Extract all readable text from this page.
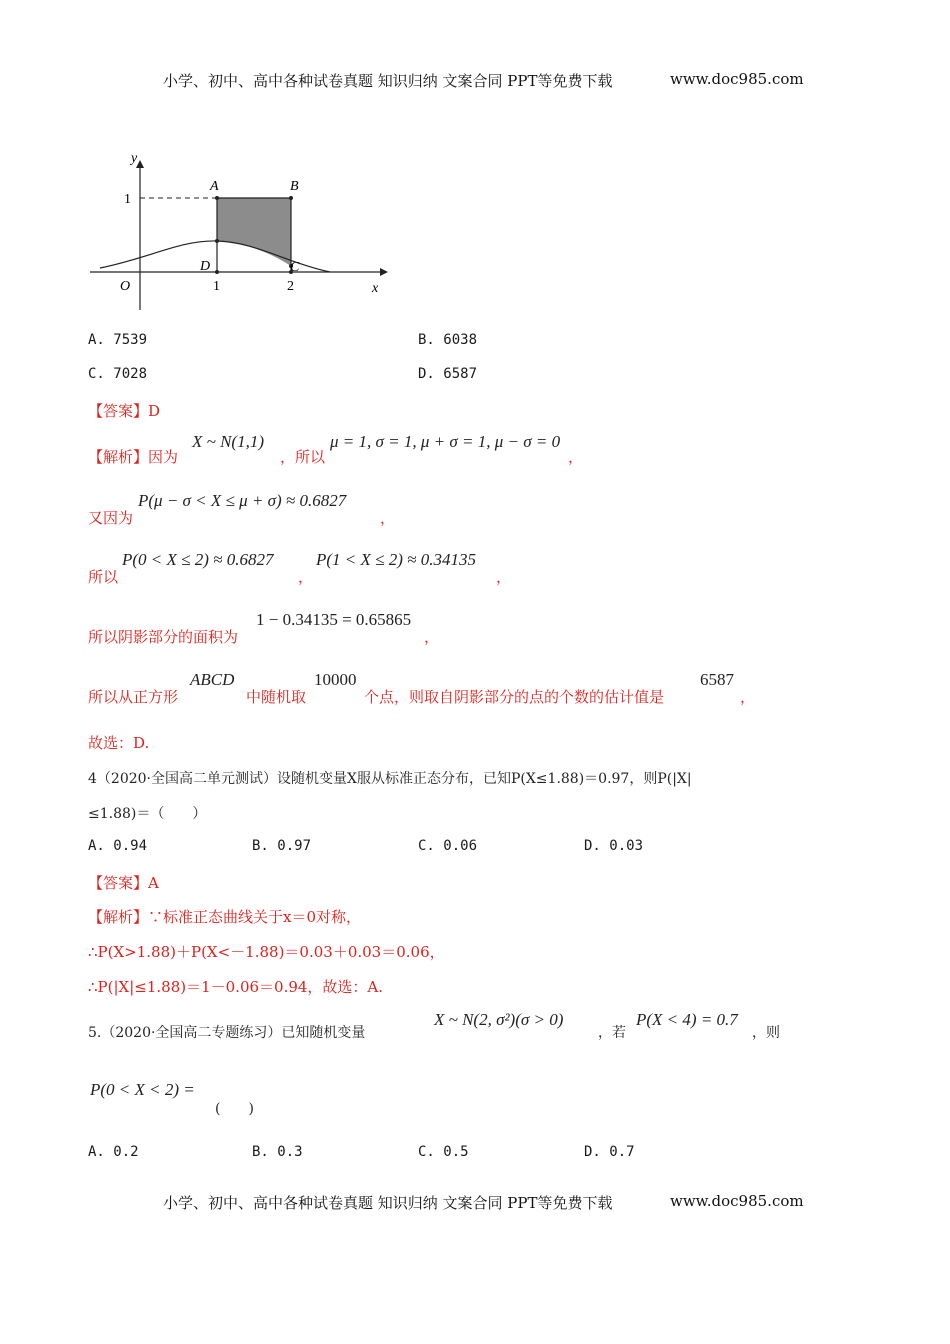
小学、初中、高中各种试卷真题 知识归纳 文案合同 PPT等免费下载	www.doc985.com
y
1
A	B
D	C
O	1	2	x
A. 7539	B. 6038
C. 7028	D. 6587
【答案】D
【解析】因为
X ~ N(1,1)
，所以
μ = 1, σ = 1, μ + σ = 1, μ − σ = 0
，
又因为
P(μ − σ < X ≤ μ + σ) ≈ 0.6827
，
所以
P(0 < X ≤ 2) ≈ 0.6827
，
P(1 < X ≤ 2) ≈ 0.34135
，
所以阴影部分的面积为
1 − 0.34135 = 0.65865
，
所以从正方形
ABCD
中随机取
10000
个点，则取自阴影部分的点的个数的估计值是
6587
，
故选：D.
4（2020·全国高二单元测试）设随机变量X服从标准正态分布，已知P(X≤1.88)＝0.97，则P(|X|
≤1.88)＝（　　）
A. 0.94	B. 0.97	C. 0.06	D. 0.03
【答案】A
【解析】∵标准正态曲线关于x＝0对称，
∴P(X>1.88)＋P(X<－1.88)＝0.03＋0.03＝0.06，
∴P(|X|≤1.88)＝1－0.06＝0.94，故选：A.
5.（2020·全国高二专题练习）已知随机变量
X ~ N(2, σ²)(σ > 0)
，若
P(X < 4) = 0.7
，则
P(0 < X < 2) =
(　　)
A. 0.2	B. 0.3	C. 0.5	D. 0.7
小学、初中、高中各种试卷真题 知识归纳 文案合同 PPT等免费下载	www.doc985.com
